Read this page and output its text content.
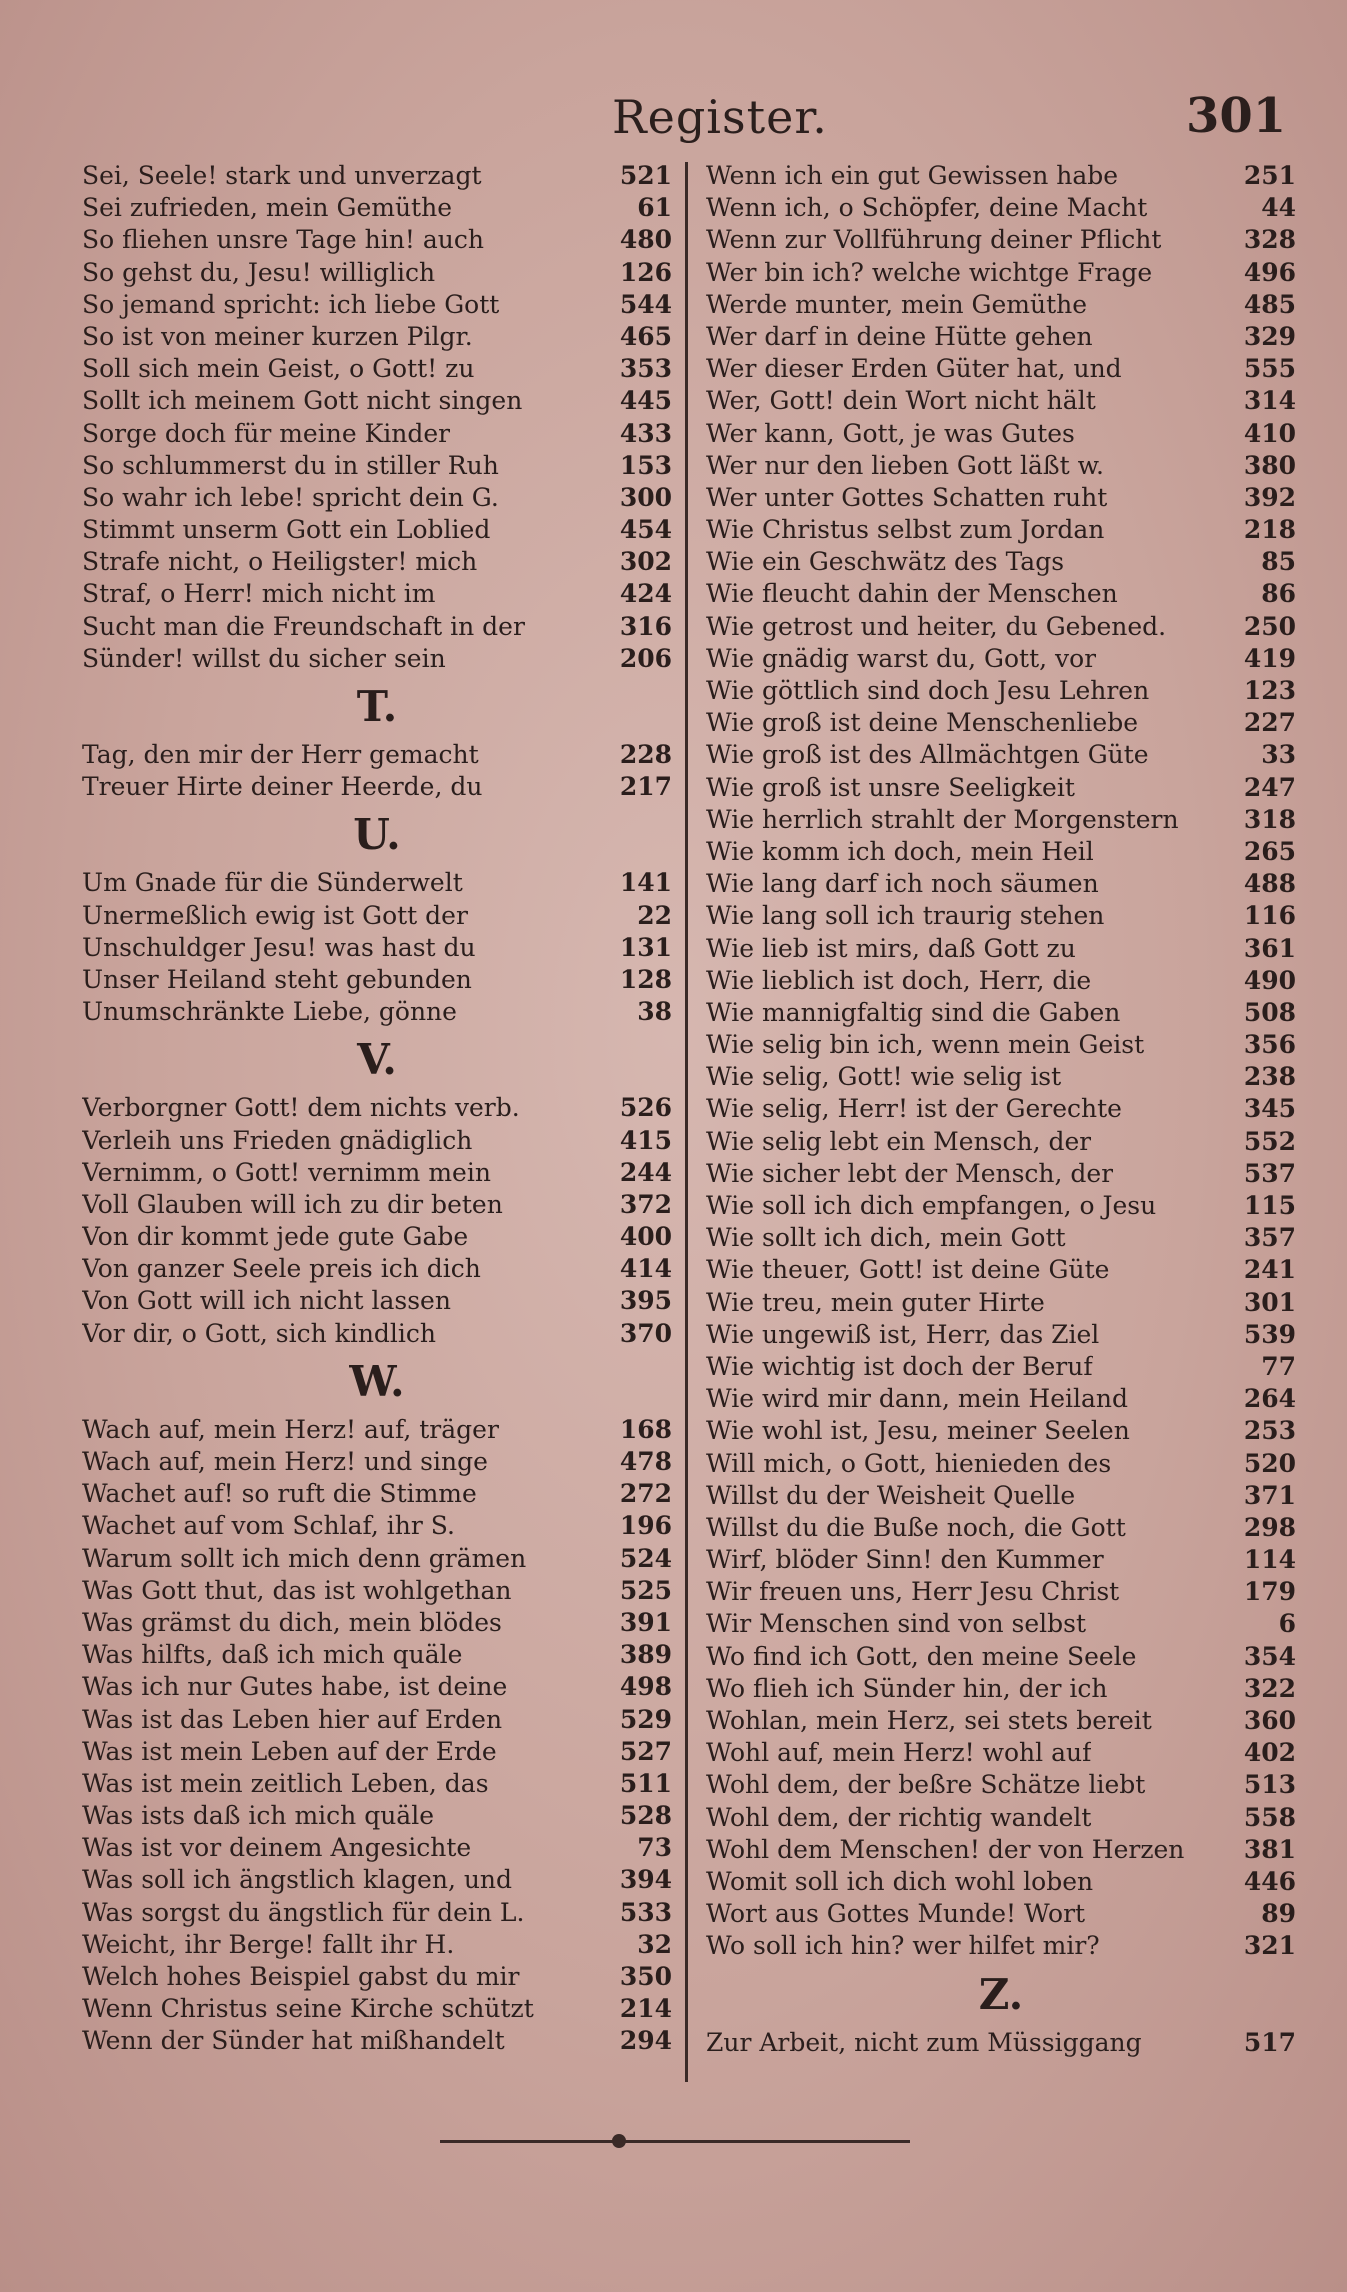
Register.	301
Sei, Seele! stark und unverzagt	521
Sei zufrieden, mein Gemüthe	61
So fliehen unsre Tage hin! auch	480
So gehst du, Jesu! williglich	126
So jemand spricht: ich liebe Gott	544
So ist von meiner kurzen Pilgr.	465
Soll sich mein Geist, o Gott! zu	353
Sollt ich meinem Gott nicht singen	445
Sorge doch für meine Kinder	433
So schlummerst du in stiller Ruh	153
So wahr ich lebe! spricht dein G.	300
Stimmt unserm Gott ein Loblied	454
Strafe nicht, o Heiligster! mich	302
Straf, o Herr! mich nicht im	424
Sucht man die Freundschaft in der	316
Sünder! willst du sicher sein	206
T.
Tag, den mir der Herr gemacht	228
Treuer Hirte deiner Heerde, du	217
U.
Um Gnade für die Sünderwelt	141
Unermeßlich ewig ist Gott der	22
Unschuldger Jesu! was hast du	131
Unser Heiland steht gebunden	128
Unumschränkte Liebe, gönne	38
V.
Verborgner Gott! dem nichts verb.	526
Verleih uns Frieden gnädiglich	415
Vernimm, o Gott! vernimm mein	244
Voll Glauben will ich zu dir beten	372
Von dir kommt jede gute Gabe	400
Von ganzer Seele preis ich dich	414
Von Gott will ich nicht lassen	395
Vor dir, o Gott, sich kindlich	370
W.
Wach auf, mein Herz! auf, träger	168
Wach auf, mein Herz! und singe	478
Wachet auf! so ruft die Stimme	272
Wachet auf vom Schlaf, ihr S.	196
Warum sollt ich mich denn grämen	524
Was Gott thut, das ist wohlgethan	525
Was grämst du dich, mein blödes	391
Was hilfts, daß ich mich quäle	389
Was ich nur Gutes habe, ist deine	498
Was ist das Leben hier auf Erden	529
Was ist mein Leben auf der Erde	527
Was ist mein zeitlich Leben, das	511
Was ists daß ich mich quäle	528
Was ist vor deinem Angesichte	73
Was soll ich ängstlich klagen, und	394
Was sorgst du ängstlich für dein L.	533
Weicht, ihr Berge! fallt ihr H.	32
Welch hohes Beispiel gabst du mir	350
Wenn Christus seine Kirche schützt	214
Wenn der Sünder hat mißhandelt	294
Wenn ich ein gut Gewissen habe	251
Wenn ich, o Schöpfer, deine Macht	44
Wenn zur Vollführung deiner Pflicht	328
Wer bin ich? welche wichtge Frage	496
Werde munter, mein Gemüthe	485
Wer darf in deine Hütte gehen	329
Wer dieser Erden Güter hat, und	555
Wer, Gott! dein Wort nicht hält	314
Wer kann, Gott, je was Gutes	410
Wer nur den lieben Gott läßt w.	380
Wer unter Gottes Schatten ruht	392
Wie Christus selbst zum Jordan	218
Wie ein Geschwätz des Tags	85
Wie fleucht dahin der Menschen	86
Wie getrost und heiter, du Gebened.	250
Wie gnädig warst du, Gott, vor	419
Wie göttlich sind doch Jesu Lehren	123
Wie groß ist deine Menschenliebe	227
Wie groß ist des Allmächtgen Güte	33
Wie groß ist unsre Seeligkeit	247
Wie herrlich strahlt der Morgenstern	318
Wie komm ich doch, mein Heil	265
Wie lang darf ich noch säumen	488
Wie lang soll ich traurig stehen	116
Wie lieb ist mirs, daß Gott zu	361
Wie lieblich ist doch, Herr, die	490
Wie mannigfaltig sind die Gaben	508
Wie selig bin ich, wenn mein Geist	356
Wie selig, Gott! wie selig ist	238
Wie selig, Herr! ist der Gerechte	345
Wie selig lebt ein Mensch, der	552
Wie sicher lebt der Mensch, der	537
Wie soll ich dich empfangen, o Jesu	115
Wie sollt ich dich, mein Gott	357
Wie theuer, Gott! ist deine Güte	241
Wie treu, mein guter Hirte	301
Wie ungewiß ist, Herr, das Ziel	539
Wie wichtig ist doch der Beruf	77
Wie wird mir dann, mein Heiland	264
Wie wohl ist, Jesu, meiner Seelen	253
Will mich, o Gott, hienieden des	520
Willst du der Weisheit Quelle	371
Willst du die Buße noch, die Gott	298
Wirf, blöder Sinn! den Kummer	114
Wir freuen uns, Herr Jesu Christ	179
Wir Menschen sind von selbst	6
Wo find ich Gott, den meine Seele	354
Wo flieh ich Sünder hin, der ich	322
Wohlan, mein Herz, sei stets bereit	360
Wohl auf, mein Herz! wohl auf	402
Wohl dem, der beßre Schätze liebt	513
Wohl dem, der richtig wandelt	558
Wohl dem Menschen! der von Herzen 381
Womit soll ich dich wohl loben	446
Wort aus Gottes Munde! Wort	89
Wo soll ich hin? wer hilfet mir?	321
Z.
Zur Arbeit, nicht zum Müssiggang	517
